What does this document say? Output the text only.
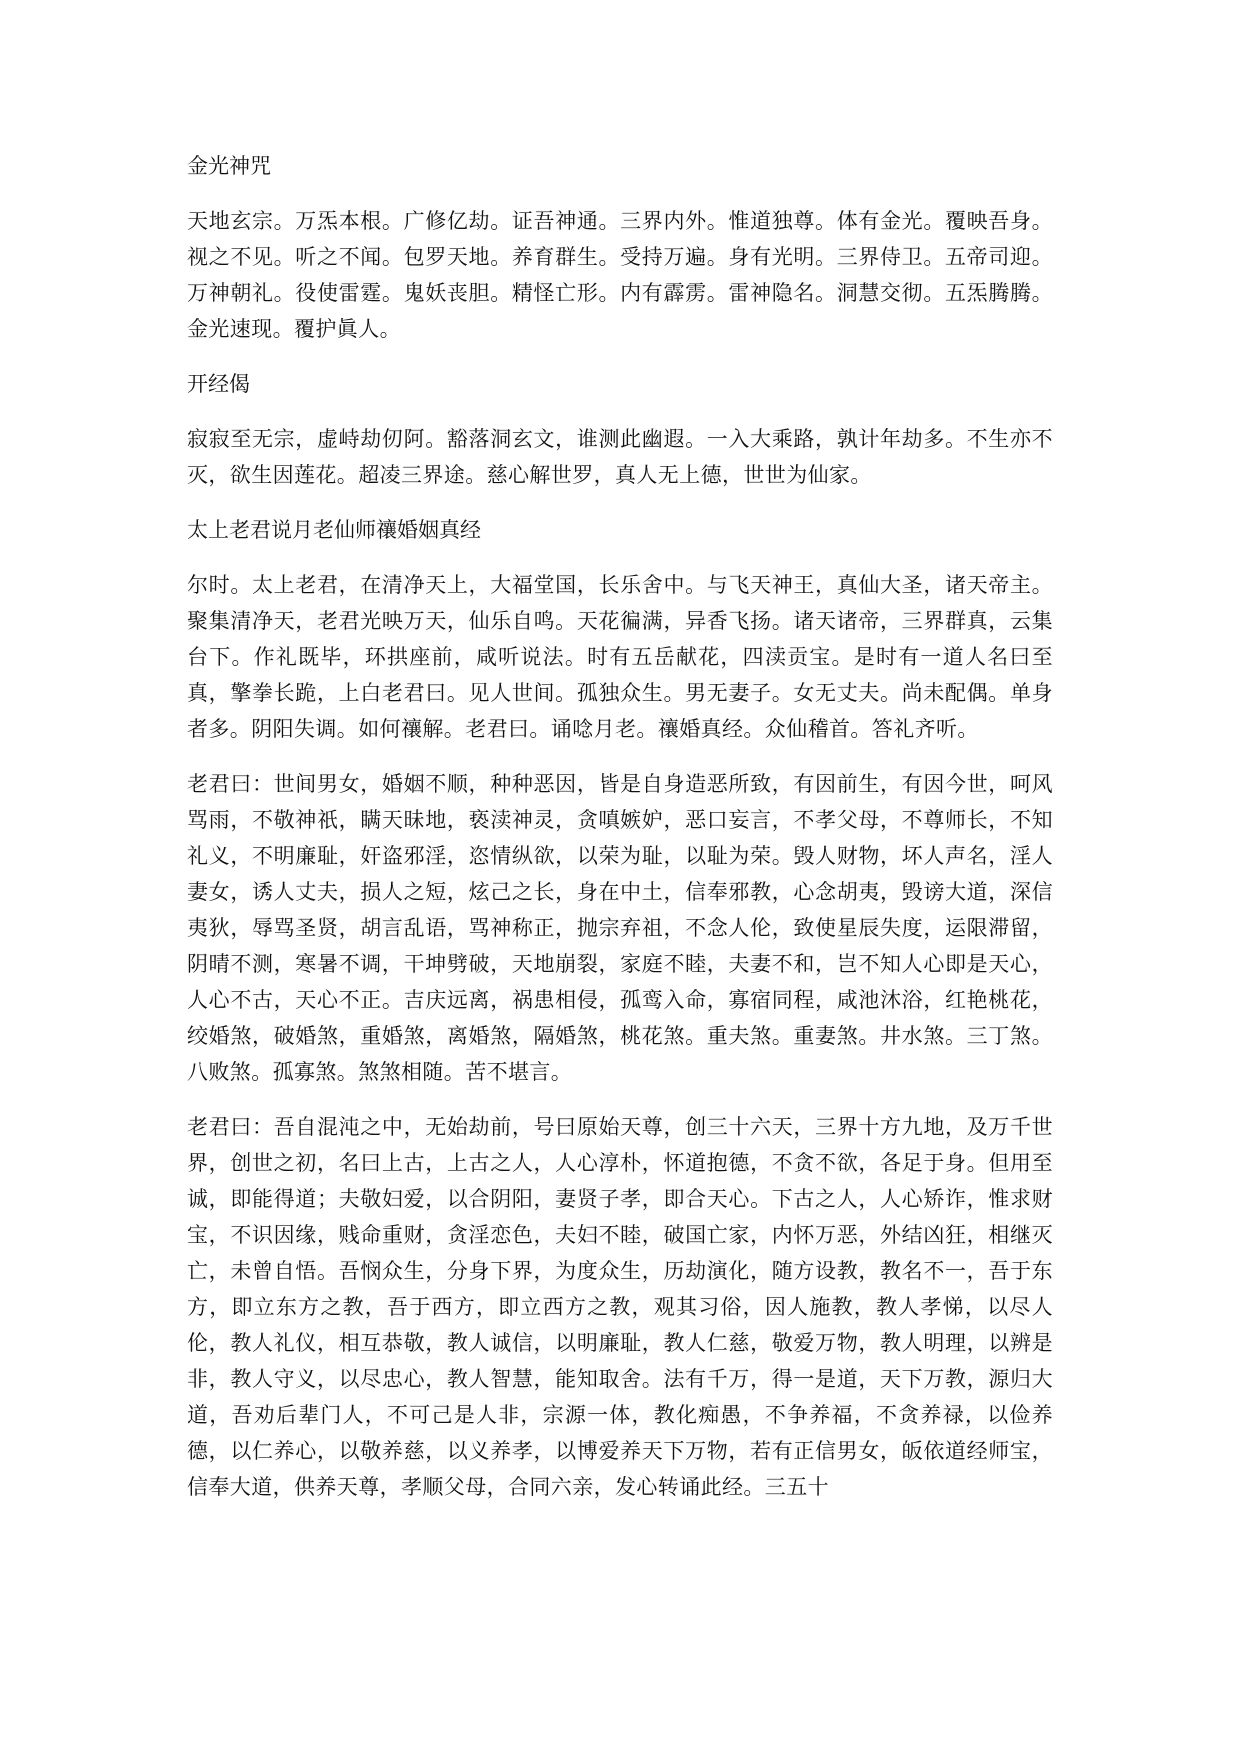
金光神咒
天地玄宗。万炁本根。广修亿劫。证吾神通。三界内外。惟道独尊。体有金光。覆映吾身。视之不见。听之不闻。包罗天地。养育群生。受持万遍。身有光明。三界侍卫。五帝司迎。万神朝礼。役使雷霆。鬼妖丧胆。精怪亡形。内有霹雳。雷神隐名。洞慧交彻。五炁腾腾。金光速现。覆护眞人。
开经偈
寂寂至无宗，虚峙劫仞阿。豁落洞玄文，谁测此幽遐。一入大乘路，孰计年劫多。不生亦不灭，欲生因莲花。超凌三界途。慈心解世罗，真人无上德，世世为仙家。
太上老君说月老仙师禳婚姻真经
尔时。太上老君，在清净天上，大福堂国，长乐舍中。与飞天神王，真仙大圣，诸天帝主。聚集清净天，老君光映万天，仙乐自鸣。天花徧满，异香飞扬。诸天诸帝，三界群真，云集台下。作礼既毕，环拱座前，咸听说法。时有五岳献花，四渎贡宝。是时有一道人名曰至真，擎拳长跪，上白老君曰。见人世间。孤独众生。男无妻子。女无丈夫。尚未配偶。单身者多。阴阳失调。如何禳解。老君曰。诵唸月老。禳婚真经。众仙稽首。答礼齐听。
老君曰：世间男女，婚姻不顺，种种恶因，皆是自身造恶所致，有因前生，有因今世，呵风骂雨，不敬神祇，瞒天昧地，亵渎神灵，贪嗔嫉妒，恶口妄言，不孝父母，不尊师长，不知礼义，不明廉耻，奸盗邪淫，恣情纵欲，以荣为耻，以耻为荣。毁人财物，坏人声名，淫人妻女，诱人丈夫，损人之短，炫己之长，身在中土，信奉邪教，心念胡夷，毁谤大道，深信夷狄，辱骂圣贤，胡言乱语，骂神称正，抛宗弃祖，不念人伦，致使星辰失度，运限滞留，阴晴不测，寒暑不调，干坤劈破，天地崩裂，家庭不睦，夫妻不和，岂不知人心即是天心，人心不古，天心不正。吉庆远离，祸患相侵，孤鸾入命，寡宿同程，咸池沐浴，红艳桃花，绞婚煞，破婚煞，重婚煞，离婚煞，隔婚煞，桃花煞。重夫煞。重妻煞。井水煞。三丁煞。八败煞。孤寡煞。煞煞相随。苦不堪言。
老君曰：吾自混沌之中，无始劫前，号曰原始天尊，创三十六天，三界十方九地，及万千世界，创世之初，名曰上古，上古之人，人心淳朴，怀道抱德，不贪不欲，各足于身。但用至诚，即能得道；夫敬妇爱，以合阴阳，妻贤子孝，即合天心。下古之人，人心矫诈，惟求财宝，不识因缘，贱命重财，贪淫恋色，夫妇不睦，破国亡家，内怀万恶，外结凶狂，相继灭亡，未曾自悟。吾悯众生，分身下界，为度众生，历劫演化，随方设教，教名不一，吾于东方，即立东方之教，吾于西方，即立西方之教，观其习俗，因人施教，教人孝悌，以尽人伦，教人礼仪，相互恭敬，教人诚信，以明廉耻，教人仁慈，敬爱万物，教人明理，以辨是非，教人守义，以尽忠心，教人智慧，能知取舍。法有千万，得一是道，天下万教，源归大道，吾劝后辈门人，不可己是人非，宗源一体，教化痴愚，不争养福，不贪养禄，以俭养德，以仁养心，以敬养慈，以义养孝，以博爱养天下万物，若有正信男女，皈依道经师宝，信奉大道，供养天尊，孝顺父母，合同六亲，发心转诵此经。三五十
